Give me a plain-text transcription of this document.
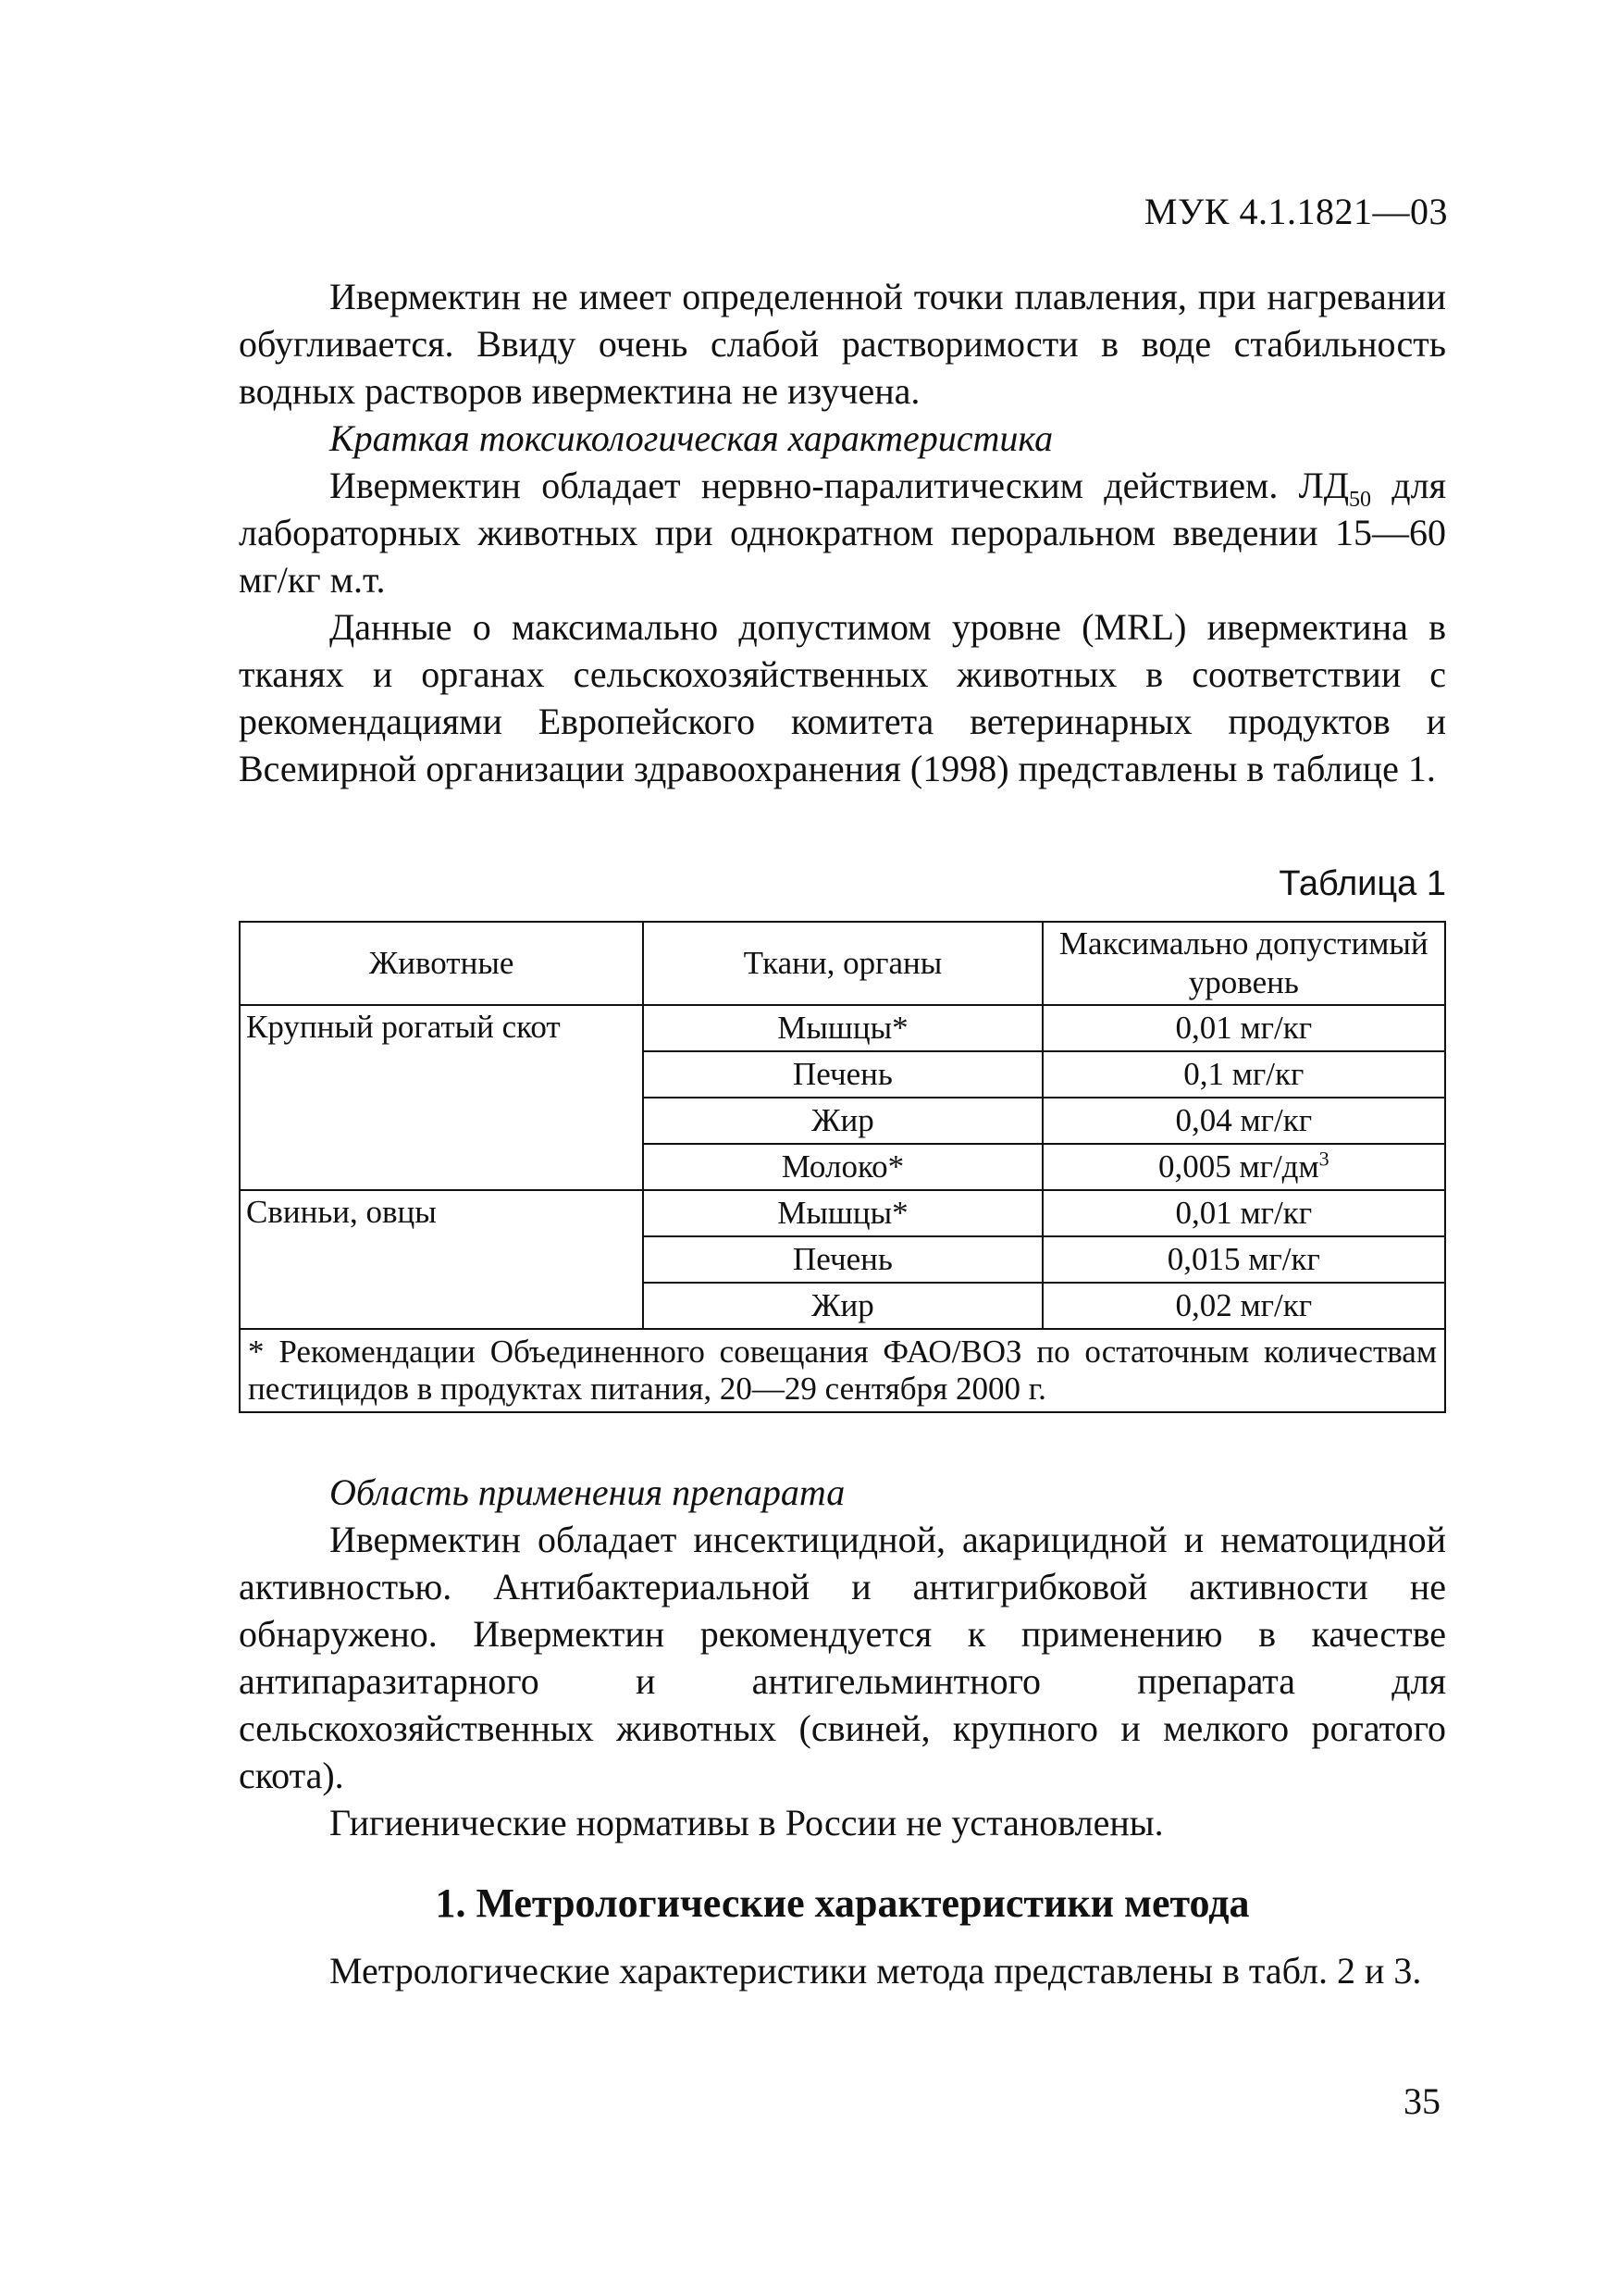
МУК 4.1.1821—03

Ивермектин не имеет определенной точки плавления, при нагревании обугливается. Ввиду очень слабой растворимости в воде стабильность водных растворов ивермектина не изучена.

Краткая токсикологическая характеристика

Ивермектин обладает нервно-паралитическим действием. $ЛД_{50}$ для лабораторных животных при однократном пероральном введении 15—60 мг/кг м.т.

Данные о максимально допустимом уровне (MRL) ивермектина в тканях и органах сельскохозяйственных животных в соответствии с рекомендациями Европейского комитета ветеринарных продуктов и Всемирной организации здравоохранения (1998) представлены в таблице 1.

Таблица 1
Животные	Ткани, органы	Максимально допустимый уровень
Крупный рогатый скот	Мышцы*	0,01 мг/кг
	Печень	0,1 мг/кг
	Жир	0,04 мг/кг
	Молоко*	0,005 $мг/дм^3$
Свиньи, овцы	Мышцы*	0,01 мг/кг
	Печень	0,015 мг/кг
	Жир	0,02 мг/кг
* Рекомендации Объединенного совещания ФАО/ВОЗ по остаточным количествам пестицидов в продуктах питания, 20—29 сентября 2000 г.		

Область применения препарата

Ивермектин обладает инсектицидной, акарицидной и нематоцидной активностью. Антибактериальной и антигрибковой активности не обнаружено. Ивермектин рекомендуется к применению в качестве антипаразитарного и антигельминтного препарата для сельскохозяйственных животных (свиней, крупного и мелкого рогатого скота).

Гигиенические нормативы в России не установлены.

1. Метрологические характеристики метода

Метрологические характеристики метода представлены в табл. 2 и 3.

35
